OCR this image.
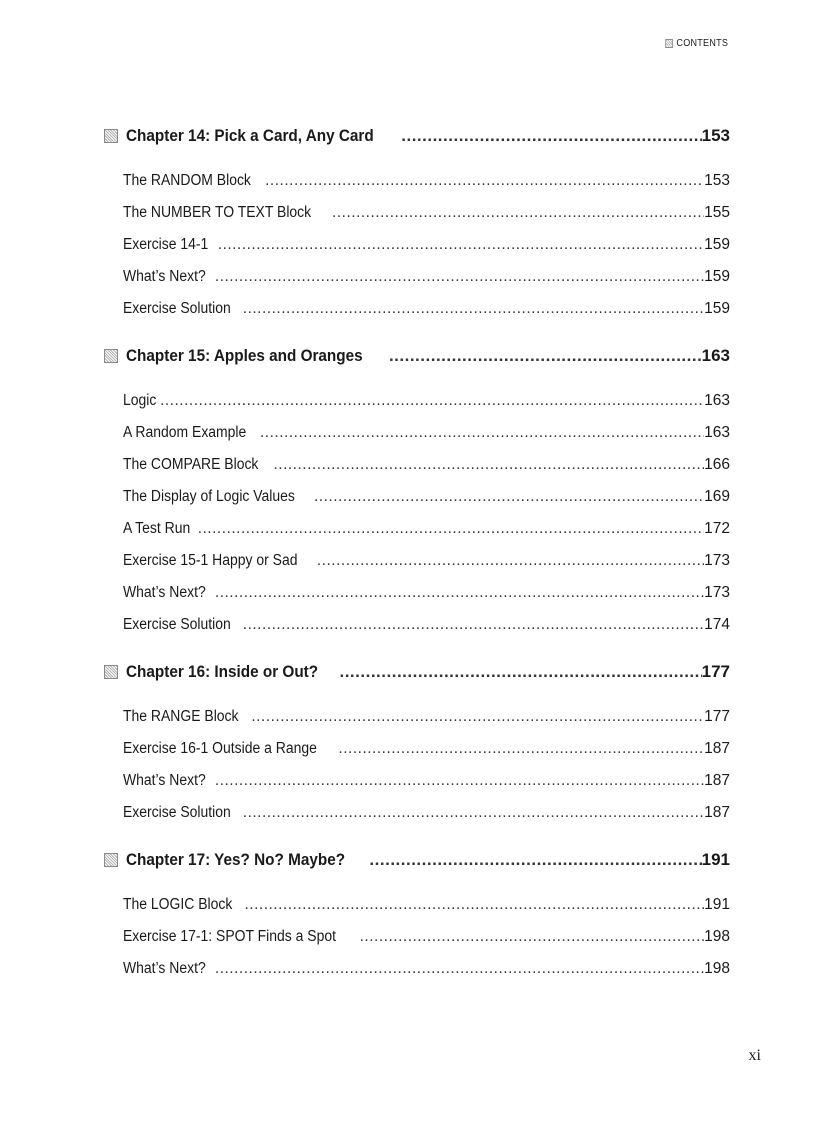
CONTENTS
Chapter 14: Pick a Card, Any Card .....	153
The RANDOM Block .....	153
The NUMBER TO TEXT Block .....	155
Exercise 14-1 .....	159
What’s Next? .....	159
Exercise Solution .....	159
Chapter 15: Apples and Oranges .....	163
Logic .....	163
A Random Example .....	163
The COMPARE Block .....	166
The Display of Logic Values .....	169
A Test Run .....	172
Exercise 15-1 Happy or Sad .....	173
What’s Next? .....	173
Exercise Solution .....	174
Chapter 16: Inside or Out? .....	177
The RANGE Block .....	177
Exercise 16-1 Outside a Range .....	187
What’s Next? .....	187
Exercise Solution .....	187
Chapter 17: Yes? No? Maybe? .....	191
The LOGIC Block .....	191
Exercise 17-1: SPOT Finds a Spot .....	198
What’s Next? .....	198
xi
